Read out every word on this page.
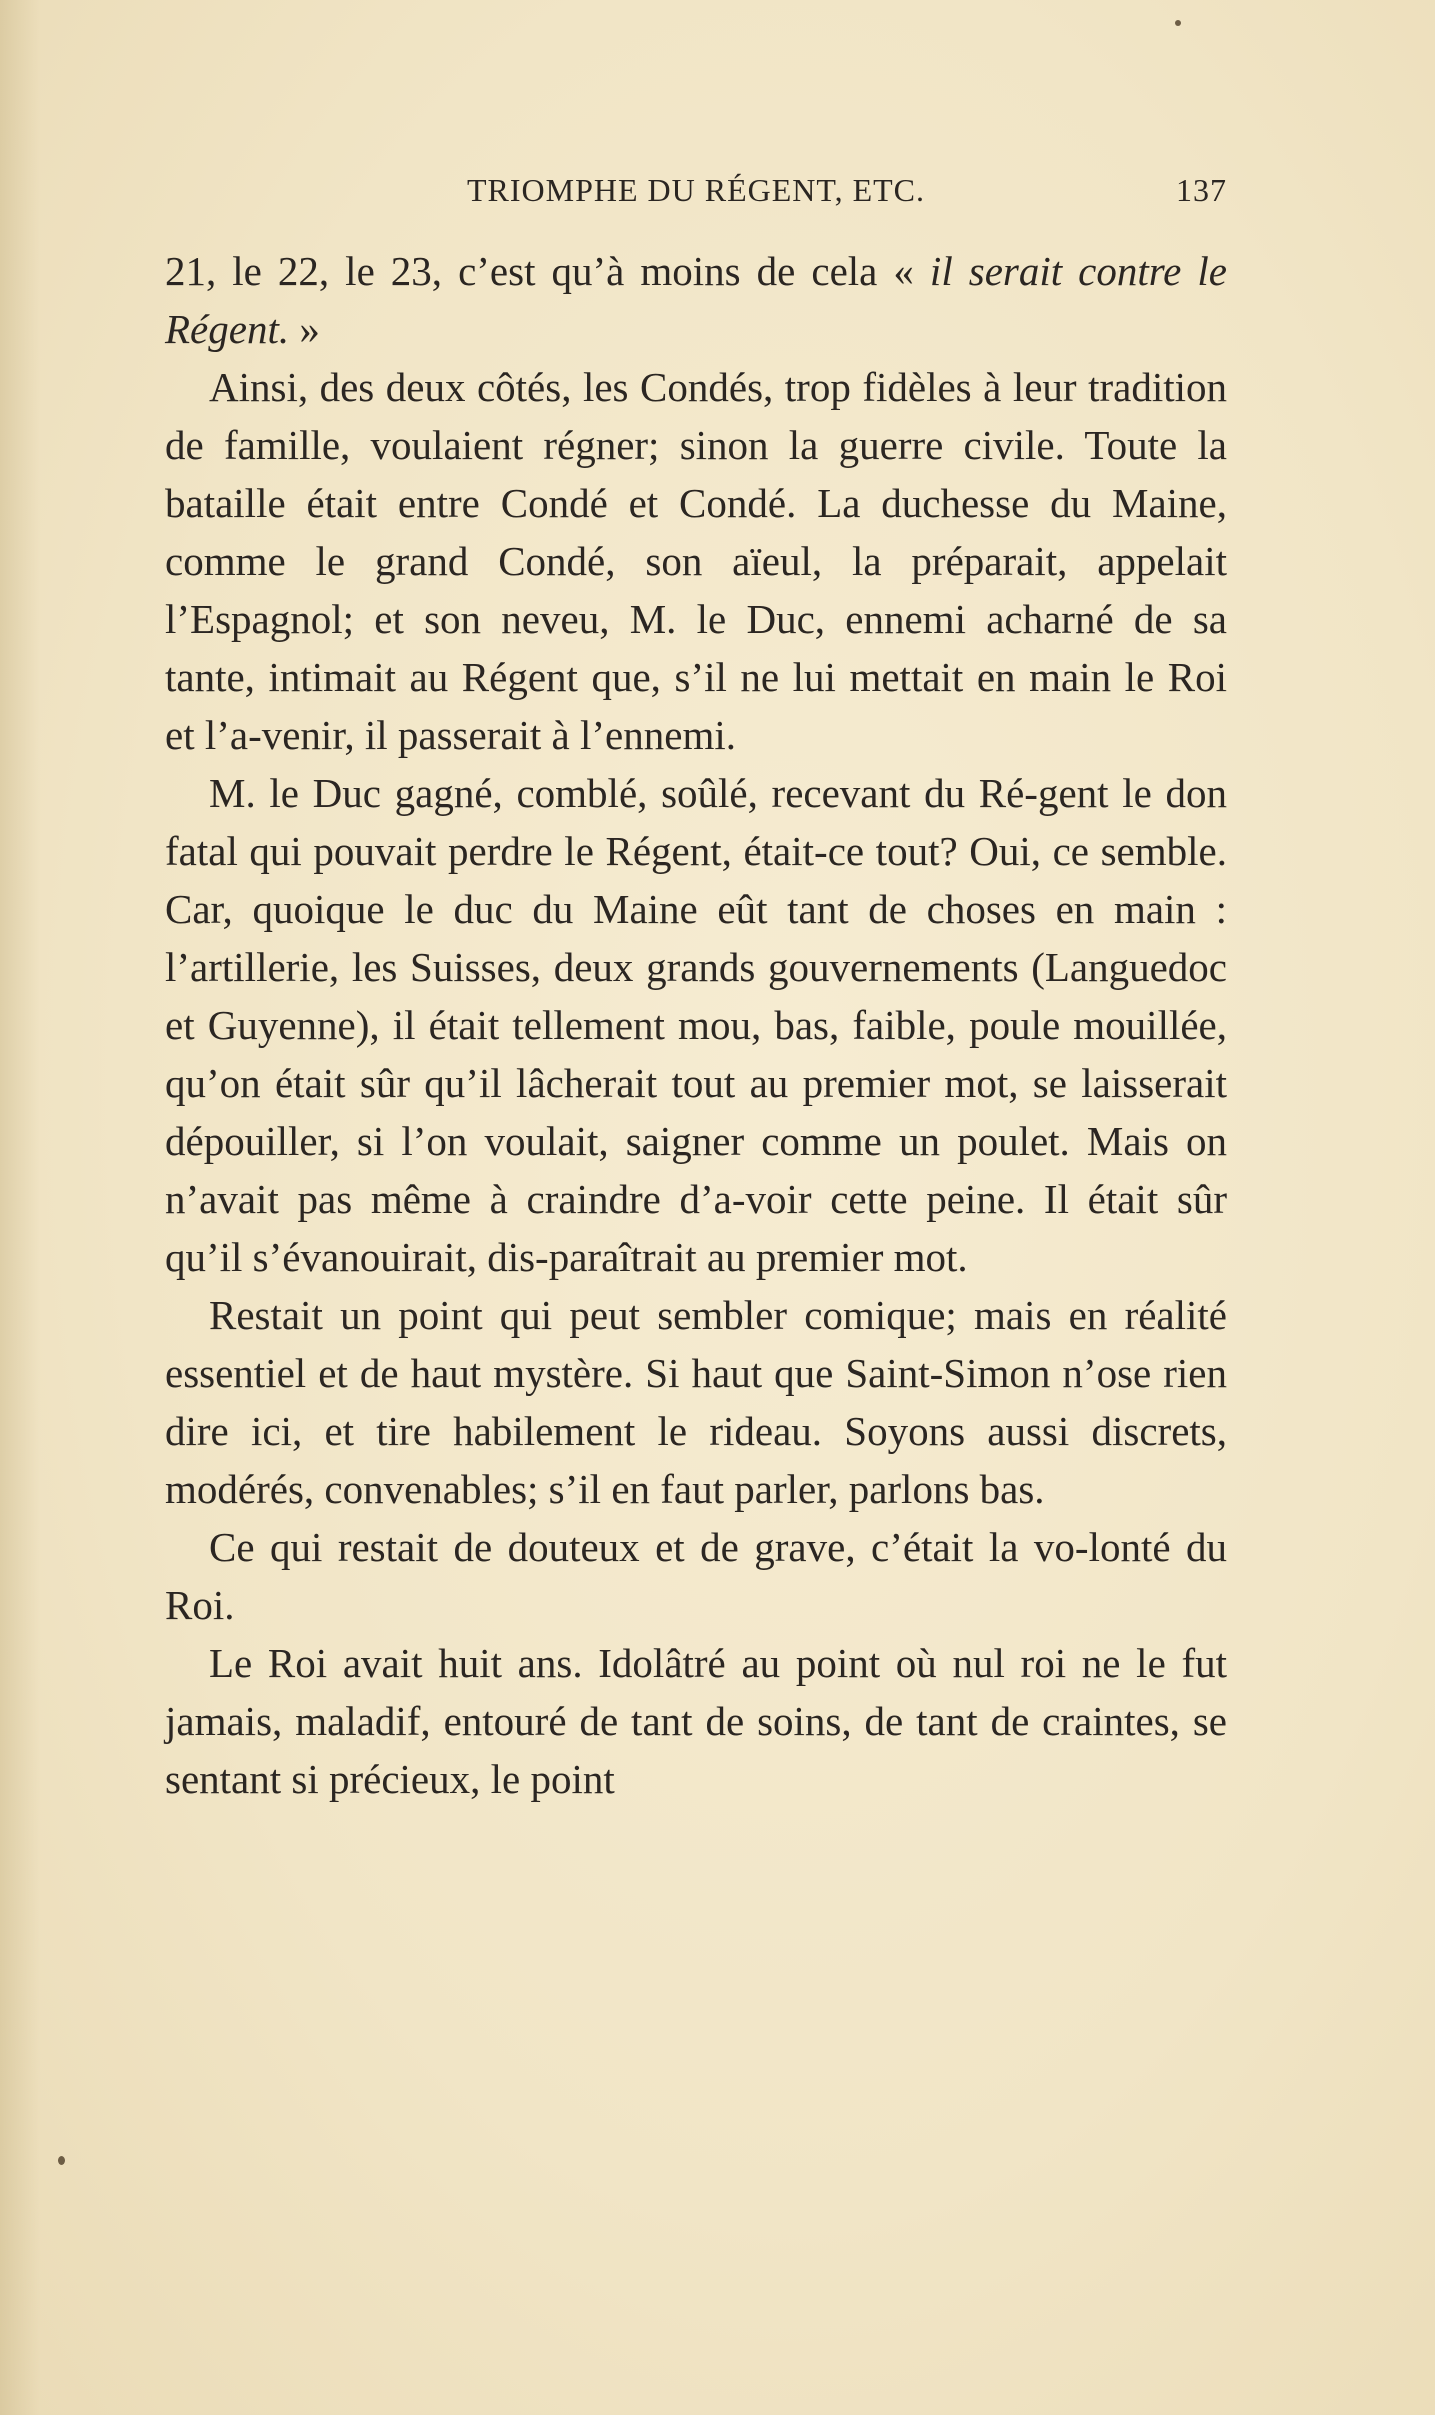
TRIOMPHE DU RÉGENT, ETC.	137

21, le 22, le 23, c’est qu’à moins de cela « il serait contre le Régent. »

Ainsi, des deux côtés, les Condés, trop fidèles à leur tradition de famille, voulaient régner; sinon la guerre civile. Toute la bataille était entre Condé et Condé. La duchesse du Maine, comme le grand Condé, son aïeul, la préparait, appelait l’Espagnol; et son neveu, M. le Duc, ennemi acharné de sa tante, intimait au Régent que, s’il ne lui mettait en main le Roi et l’a-venir, il passerait à l’ennemi.

M. le Duc gagné, comblé, soûlé, recevant du Ré-gent le don fatal qui pouvait perdre le Régent, était-ce tout? Oui, ce semble. Car, quoique le duc du Maine eût tant de choses en main : l’artillerie, les Suisses, deux grands gouvernements (Languedoc et Guyenne), il était tellement mou, bas, faible, poule mouillée, qu’on était sûr qu’il lâcherait tout au premier mot, se laisserait dépouiller, si l’on voulait, saigner comme un poulet. Mais on n’avait pas même à craindre d’a-voir cette peine. Il était sûr qu’il s’évanouirait, dis-paraîtrait au premier mot.

Restait un point qui peut sembler comique; mais en réalité essentiel et de haut mystère. Si haut que Saint-Simon n’ose rien dire ici, et tire habilement le rideau. Soyons aussi discrets, modérés, convenables; s’il en faut parler, parlons bas.

Ce qui restait de douteux et de grave, c’était la vo-lonté du Roi.

Le Roi avait huit ans. Idolâtré au point où nul roi ne le fut jamais, maladif, entouré de tant de soins, de tant de craintes, se sentant si précieux, le point
